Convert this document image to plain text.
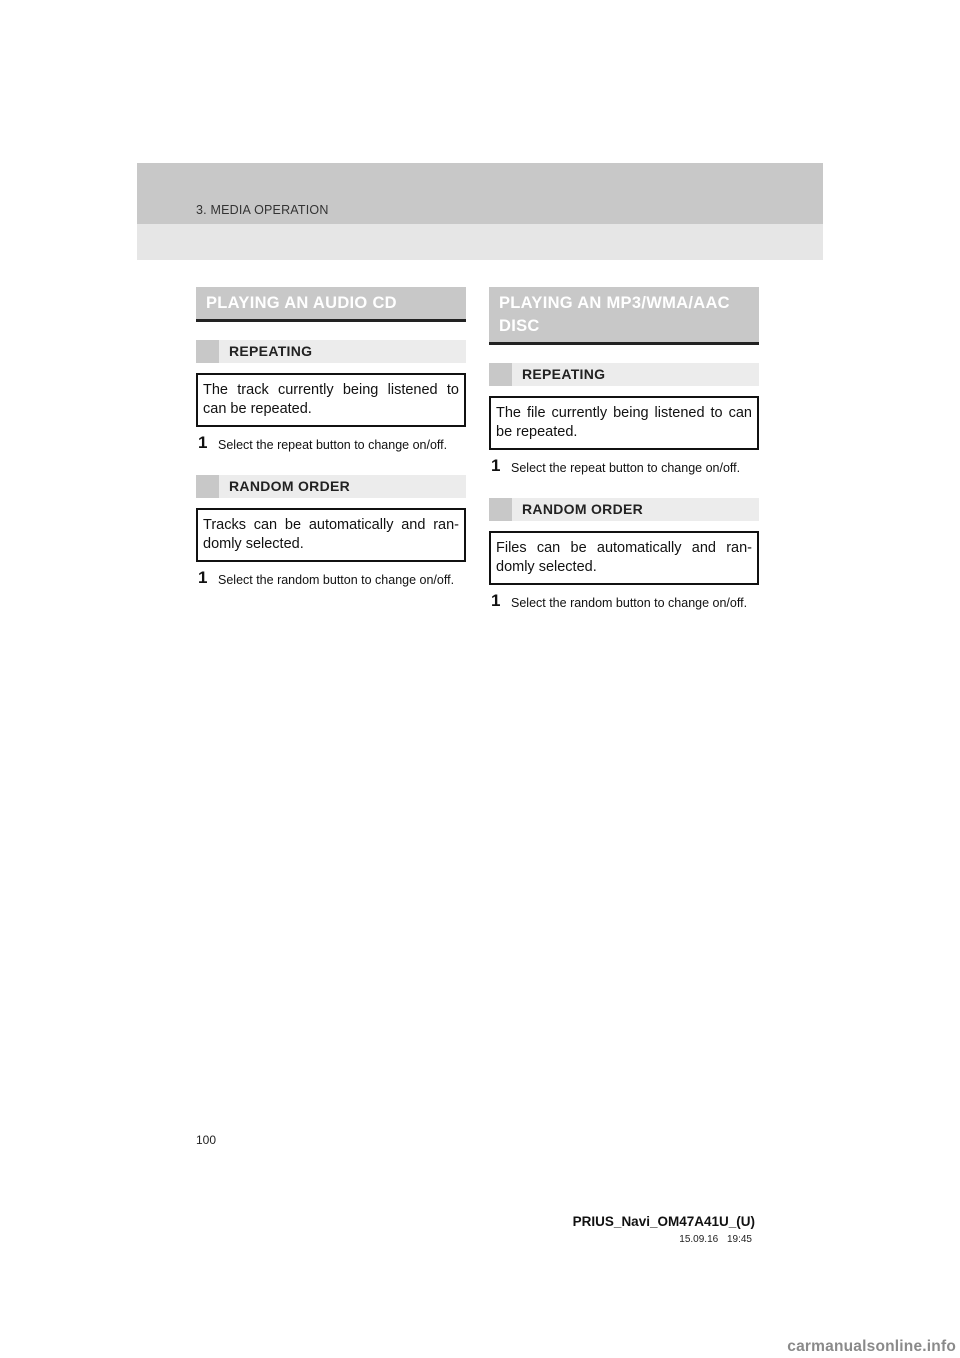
3. MEDIA OPERATION
PLAYING AN AUDIO CD
REPEATING
The track currently being listened to can be repeated.
1 Select the repeat button to change on/off.
RANDOM ORDER
Tracks can be automatically and ran-domly selected.
1 Select the random button to change on/off.
PLAYING AN MP3/WMA/AAC DISC
REPEATING
The file currently being listened to can be repeated.
1 Select the repeat button to change on/off.
RANDOM ORDER
Files can be automatically and ran-domly selected.
1 Select the random button to change on/off.
100
PRIUS_Navi_OM47A41U_(U)
15.09.16 19:45
carmanualsonline.info
